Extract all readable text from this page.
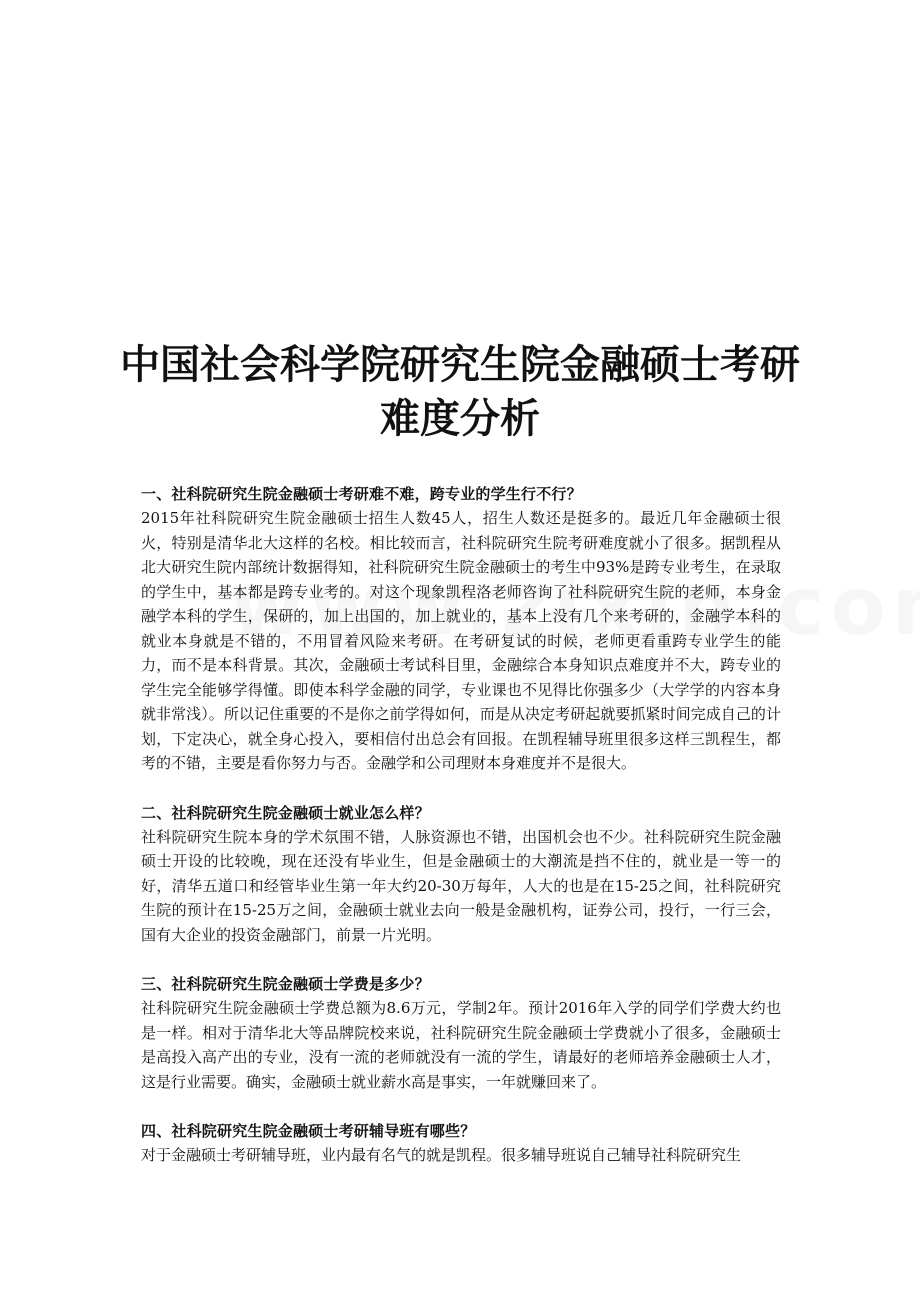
中国社会科学院研究生院金融硕士考研
难度分析

一、社科院研究生院金融硕士考研难不难，跨专业的学生行不行？

2015年社科院研究生院金融硕士招生人数45人，招生人数还是挺多的。最近几年金融硕士很火，特别是清华北大这样的名校。相比较而言，社科院研究生院考研难度就小了很多。据凯程从北大研究生院内部统计数据得知，社科院研究生院金融硕士的考生中93%是跨专业考生，在录取的学生中，基本都是跨专业考的。对这个现象凯程洛老师咨询了社科院研究生院的老师，本身金融学本科的学生，保研的，加上出国的，加上就业的，基本上没有几个来考研的，金融学本科的就业本身就是不错的，不用冒着风险来考研。在考研复试的时候，老师更看重跨专业学生的能力，而不是本科背景。其次，金融硕士考试科目里，金融综合本身知识点难度并不大，跨专业的学生完全能够学得懂。即使本科学金融的同学，专业课也不见得比你强多少（大学学的内容本身就非常浅）。所以记住重要的不是你之前学得如何，而是从决定考研起就要抓紧时间完成自己的计划，下定决心，就全身心投入，要相信付出总会有回报。在凯程辅导班里很多这样三凯程生，都考的不错，主要是看你努力与否。金融学和公司理财本身难度并不是很大。

二、社科院研究生院金融硕士就业怎么样？

社科院研究生院本身的学术氛围不错，人脉资源也不错，出国机会也不少。社科院研究生院金融硕士开设的比较晚，现在还没有毕业生，但是金融硕士的大潮流是挡不住的，就业是一等一的好，清华五道口和经管毕业生第一年大约20-30万每年，人大的也是在15-25之间，社科院研究生院的预计在15-25万之间，金融硕士就业去向一般是金融机构，证券公司，投行，一行三会，国有大企业的投资金融部门，前景一片光明。

三、社科院研究生院金融硕士学费是多少？

社科院研究生院金融硕士学费总额为8.6万元，学制2年。预计2016年入学的同学们学费大约也是一样。相对于清华北大等品牌院校来说，社科院研究生院金融硕士学费就小了很多，金融硕士是高投入高产出的专业，没有一流的老师就没有一流的学生，请最好的老师培养金融硕士人才，这是行业需要。确实，金融硕士就业薪水高是事实，一年就赚回来了。

四、社科院研究生院金融硕士考研辅导班有哪些？

对于金融硕士考研辅导班，业内最有名气的就是凯程。很多辅导班说自己辅导社科院研究生
